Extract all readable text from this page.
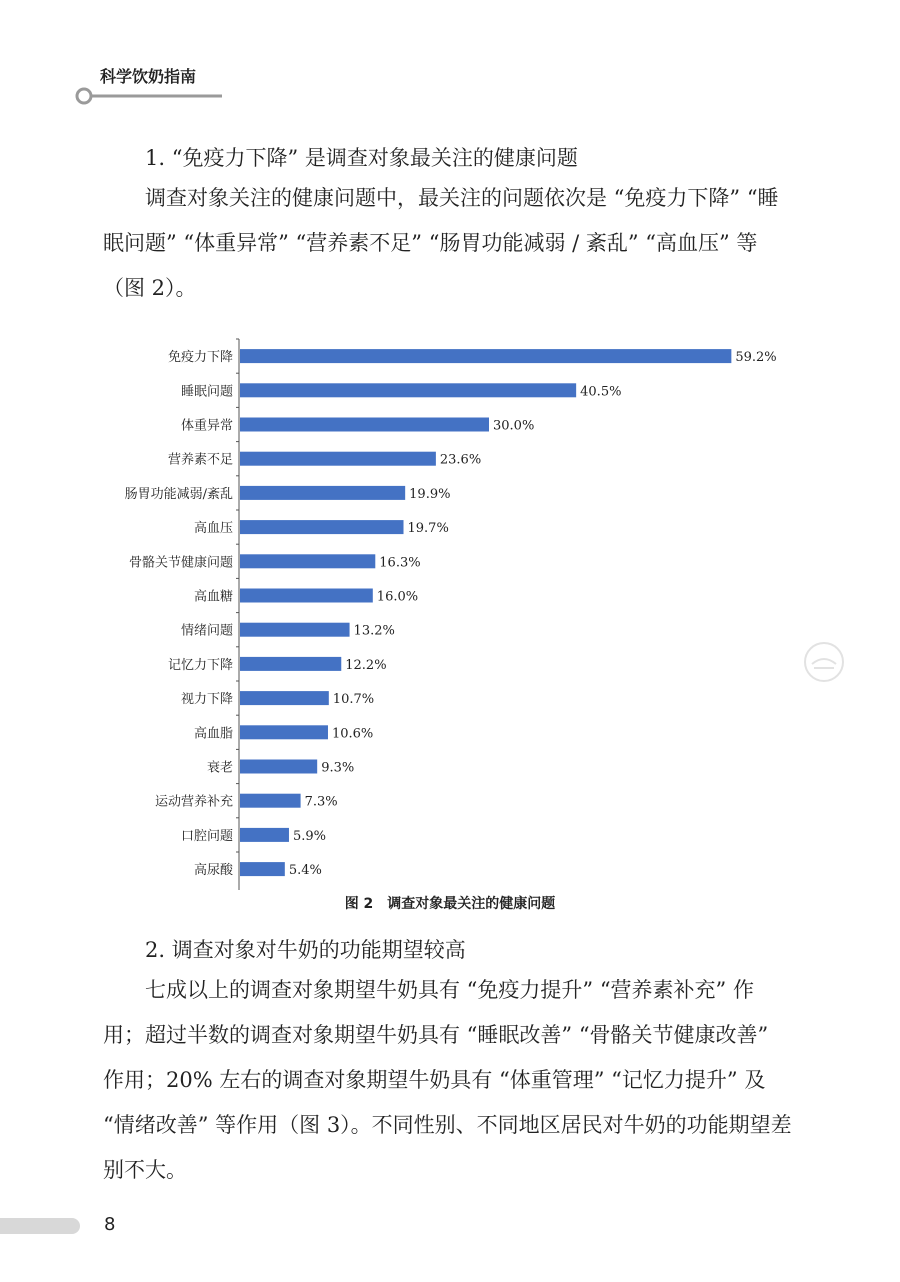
科学饮奶指南
1. “免疫力下降” 是调查对象最关注的健康问题

调查对象关注的健康问题中，最关注的问题依次是 “免疫力下降” “睡眠问题” “体重异常” “营养素不足” “肠胃功能减弱 / 紊乱” “高血压” 等（图 2）。

免疫力下降	59.2%
睡眠问题	40.5%
体重异常	30.0%
营养素不足	23.6%
肠胃功能减弱/紊乱	19.9%
高血压	19.7%
骨骼关节健康问题	16.3%
高血糖	16.0%
情绪问题	13.2%
记忆力下降	12.2%
视力下降	10.7%
高血脂	10.6%
衰老	9.3%
运动营养补充	7.3%
口腔问题	5.9%
高尿酸	5.4%
图 2　调查对象最关注的健康问题
2. 调查对象对牛奶的功能期望较高

七成以上的调查对象期望牛奶具有 “免疫力提升” “营养素补充” 作用；超过半数的调查对象期望牛奶具有 “睡眠改善” “骨骼关节健康改善” 作用；20% 左右的调查对象期望牛奶具有 “体重管理” “记忆力提升” 及 “情绪改善” 等作用（图 3）。不同性别、不同地区居民对牛奶的功能期望差别不大。

8
